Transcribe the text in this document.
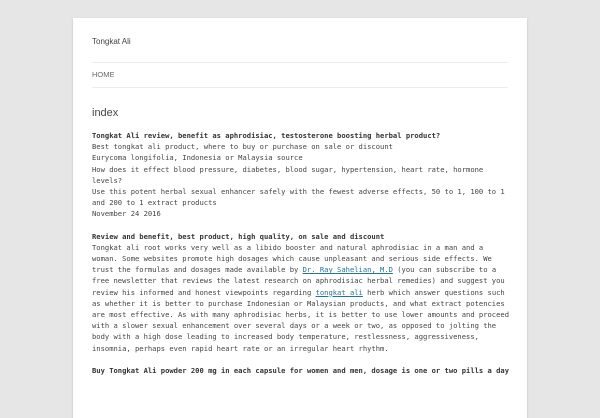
Tongkat Ali
HOME
index

Tongkat Ali review, benefit as aphrodisiac, testosterone boosting herbal product?
Best tongkat ali product, where to buy or purchase on sale or discount
Eurycoma longifolia, Indonesia or Malaysia source
How does it effect blood pressure, diabetes, blood sugar, hypertension, heart rate, hormone levels?
Use this potent herbal sexual enhancer safely with the fewest adverse effects, 50 to 1, 100 to 1 and 200 to 1 extract products
November 24 2016

Review and benefit, best product, high quality, on sale and discount
Tongkat ali root works very well as a libido booster and natural aphrodisiac in a man and a woman. Some websites promote high dosages which cause unpleasant and serious side effects. We trust the formulas and dosages made available by Dr. Ray Sahelian, M.D (you can subscribe to a free newsletter that reviews the latest research on aphrodisiac herbal remedies) and suggest you review his informed and honest viewpoints regarding tongkat ali herb which answer questions such as whether it is better to purchase Indonesian or Malaysian products, and what extract potencies are most effective. As with many aphrodisiac herbs, it is better to use lower amounts and proceed with a slower sexual enhancement over several days or a week or two, as opposed to jolting the body with a high dose leading to increased body temperature, restlessness, aggressiveness, insomnia, perhaps even rapid heart rate or an irregular heart rhythm.

Buy Tongkat Ali powder 200 mg in each capsule for women and men, dosage is one or two pills a day
